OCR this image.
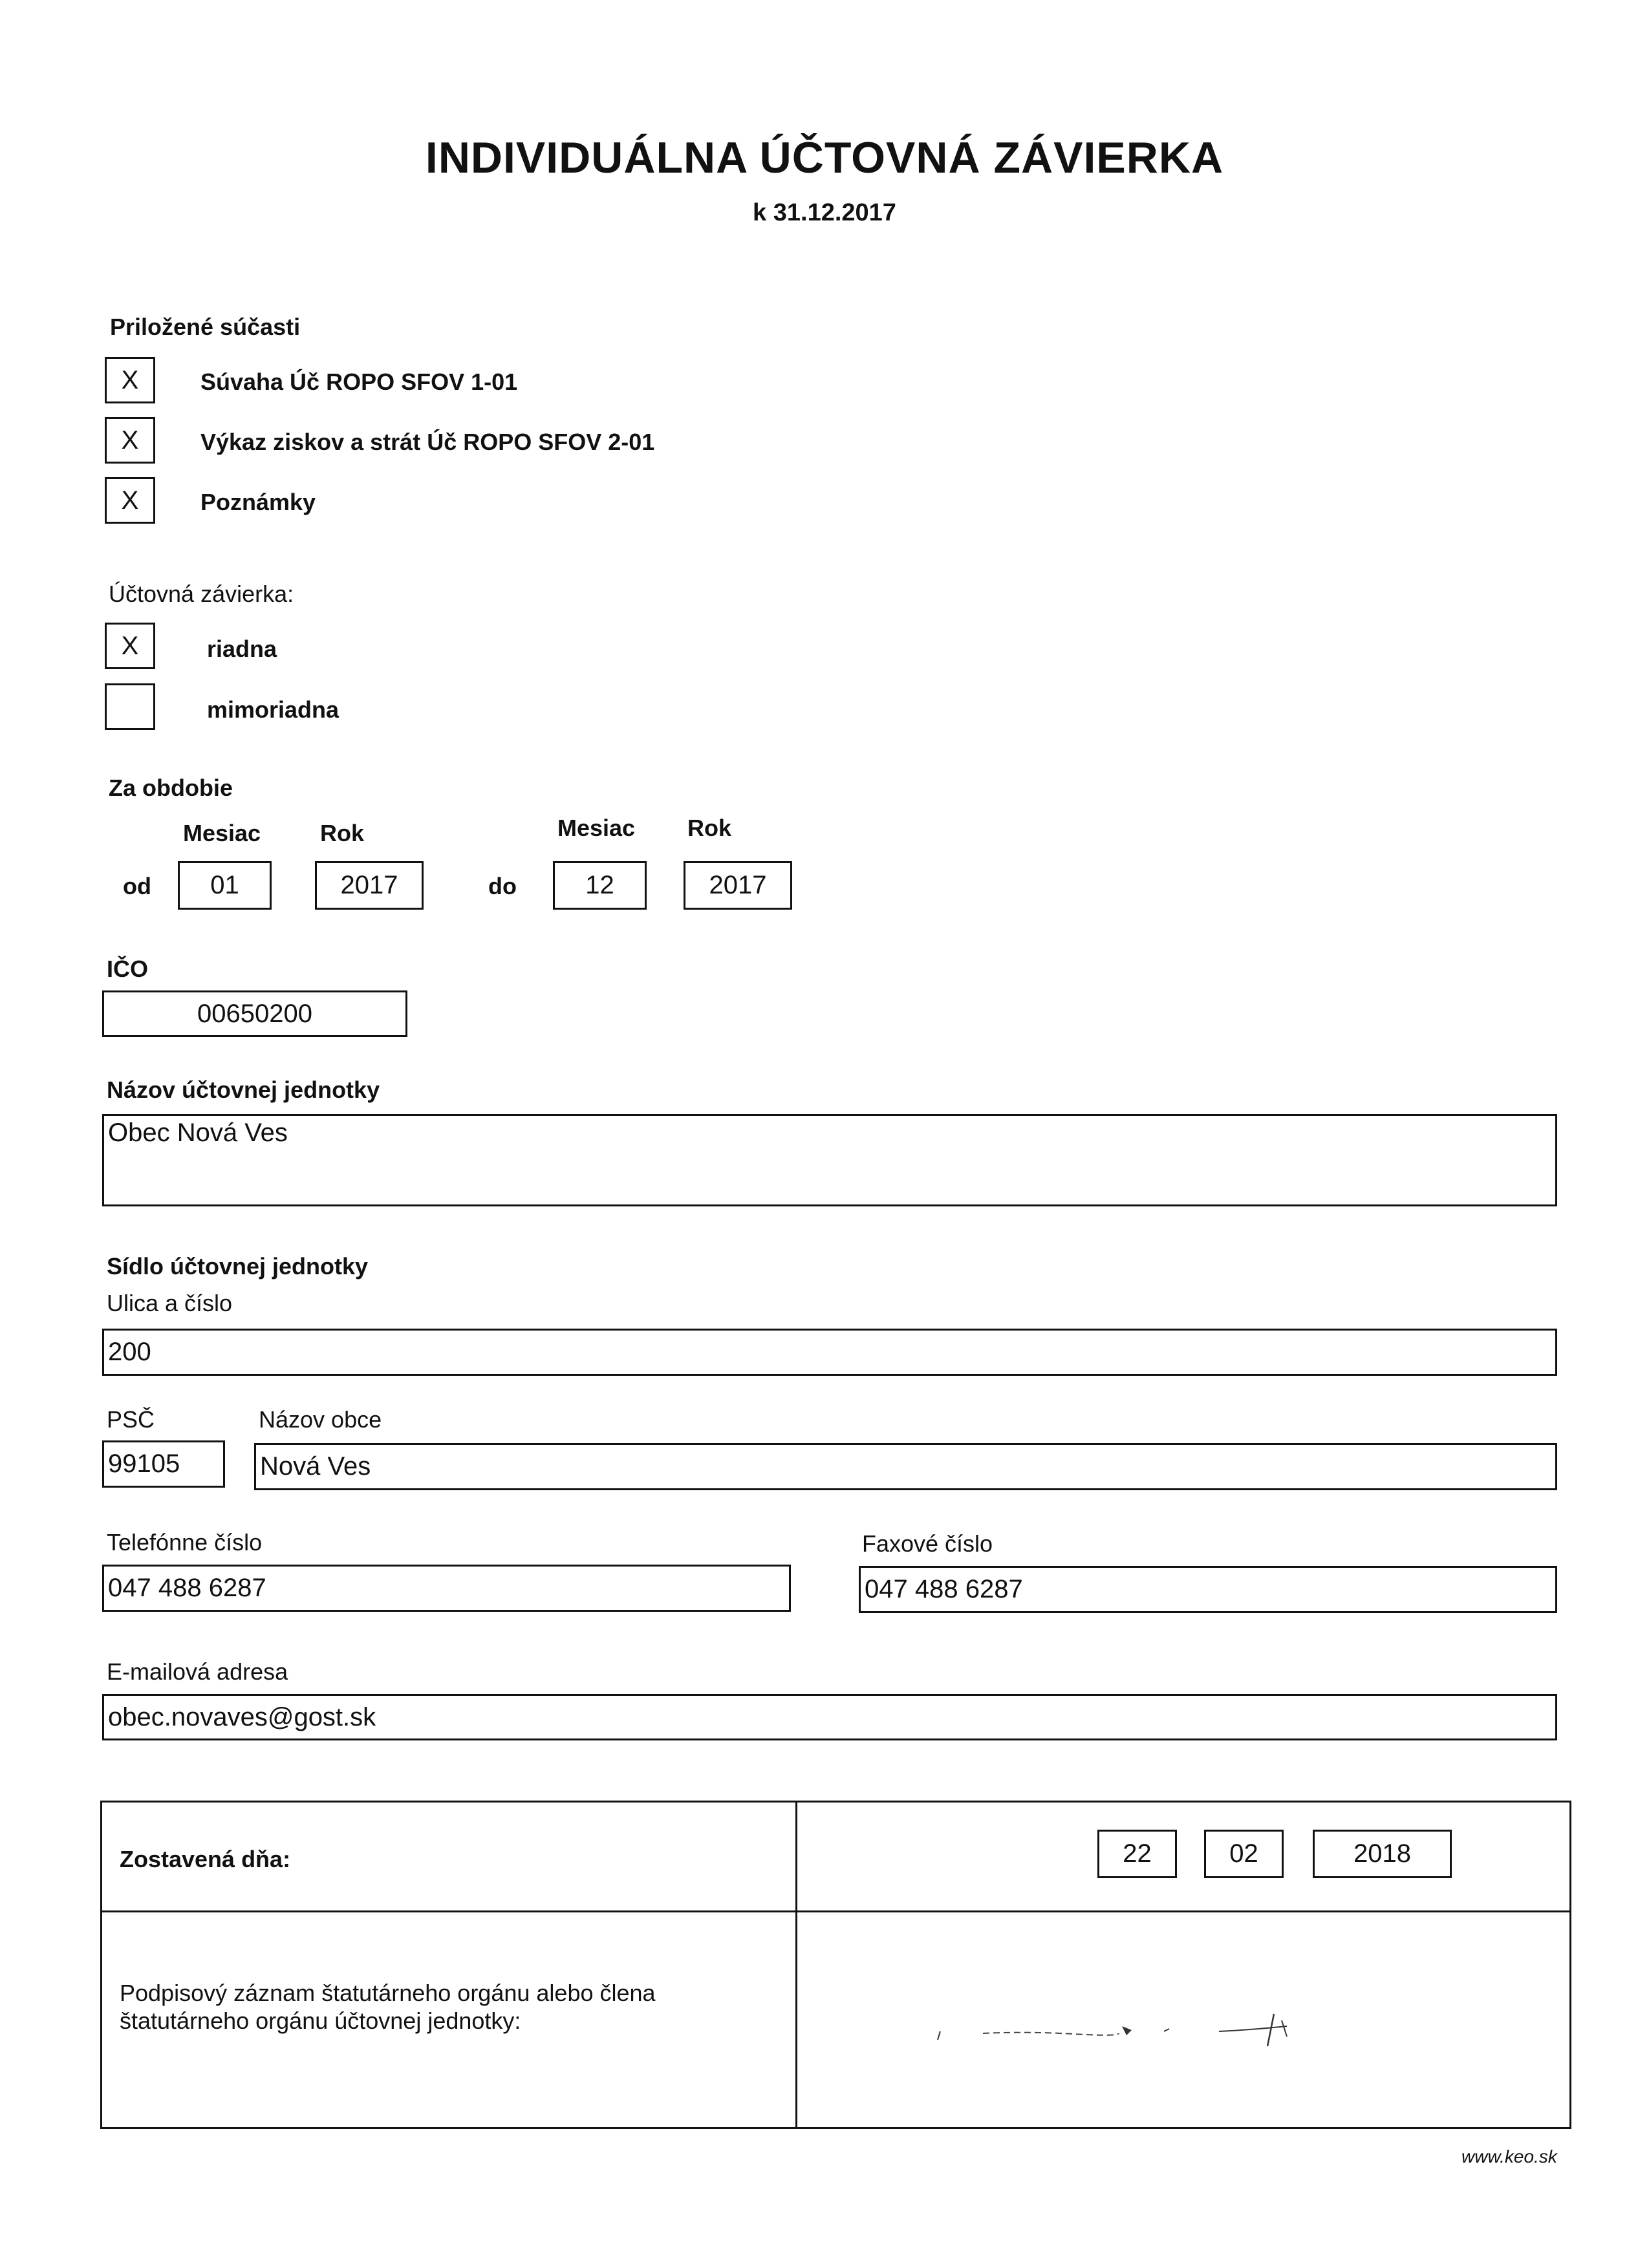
INDIVIDUÁLNA ÚČTOVNÁ ZÁVIERKA
k 31.12.2017
Priložené súčasti
X	Súvaha Úč ROPO SFOV 1-01
X	Výkaz ziskov a strát Úč ROPO SFOV 2-01
X	Poznámky
Účtovná závierka:
X	riadna
mimoriadna
Za obdobie
Mesiac	Rok	Mesiac Rok
od	01	2017	do	12	2017
IČO
00650200
Názov účtovnej jednotky
Obec Nová Ves
Sídlo účtovnej jednotky
Ulica a číslo
200
PSČ	Názov obce
99105	Nová Ves
Telefónne číslo
047 488 6287
Faxové číslo
047 488 6287
E-mailová adresa
obec.novaves@gost.sk
Zostavená dňa:	22	02	2018
Podpisový záznam štatutárneho orgánu alebo člena
štatutárneho orgánu účtovnej jednotky:
www.keo.sk
